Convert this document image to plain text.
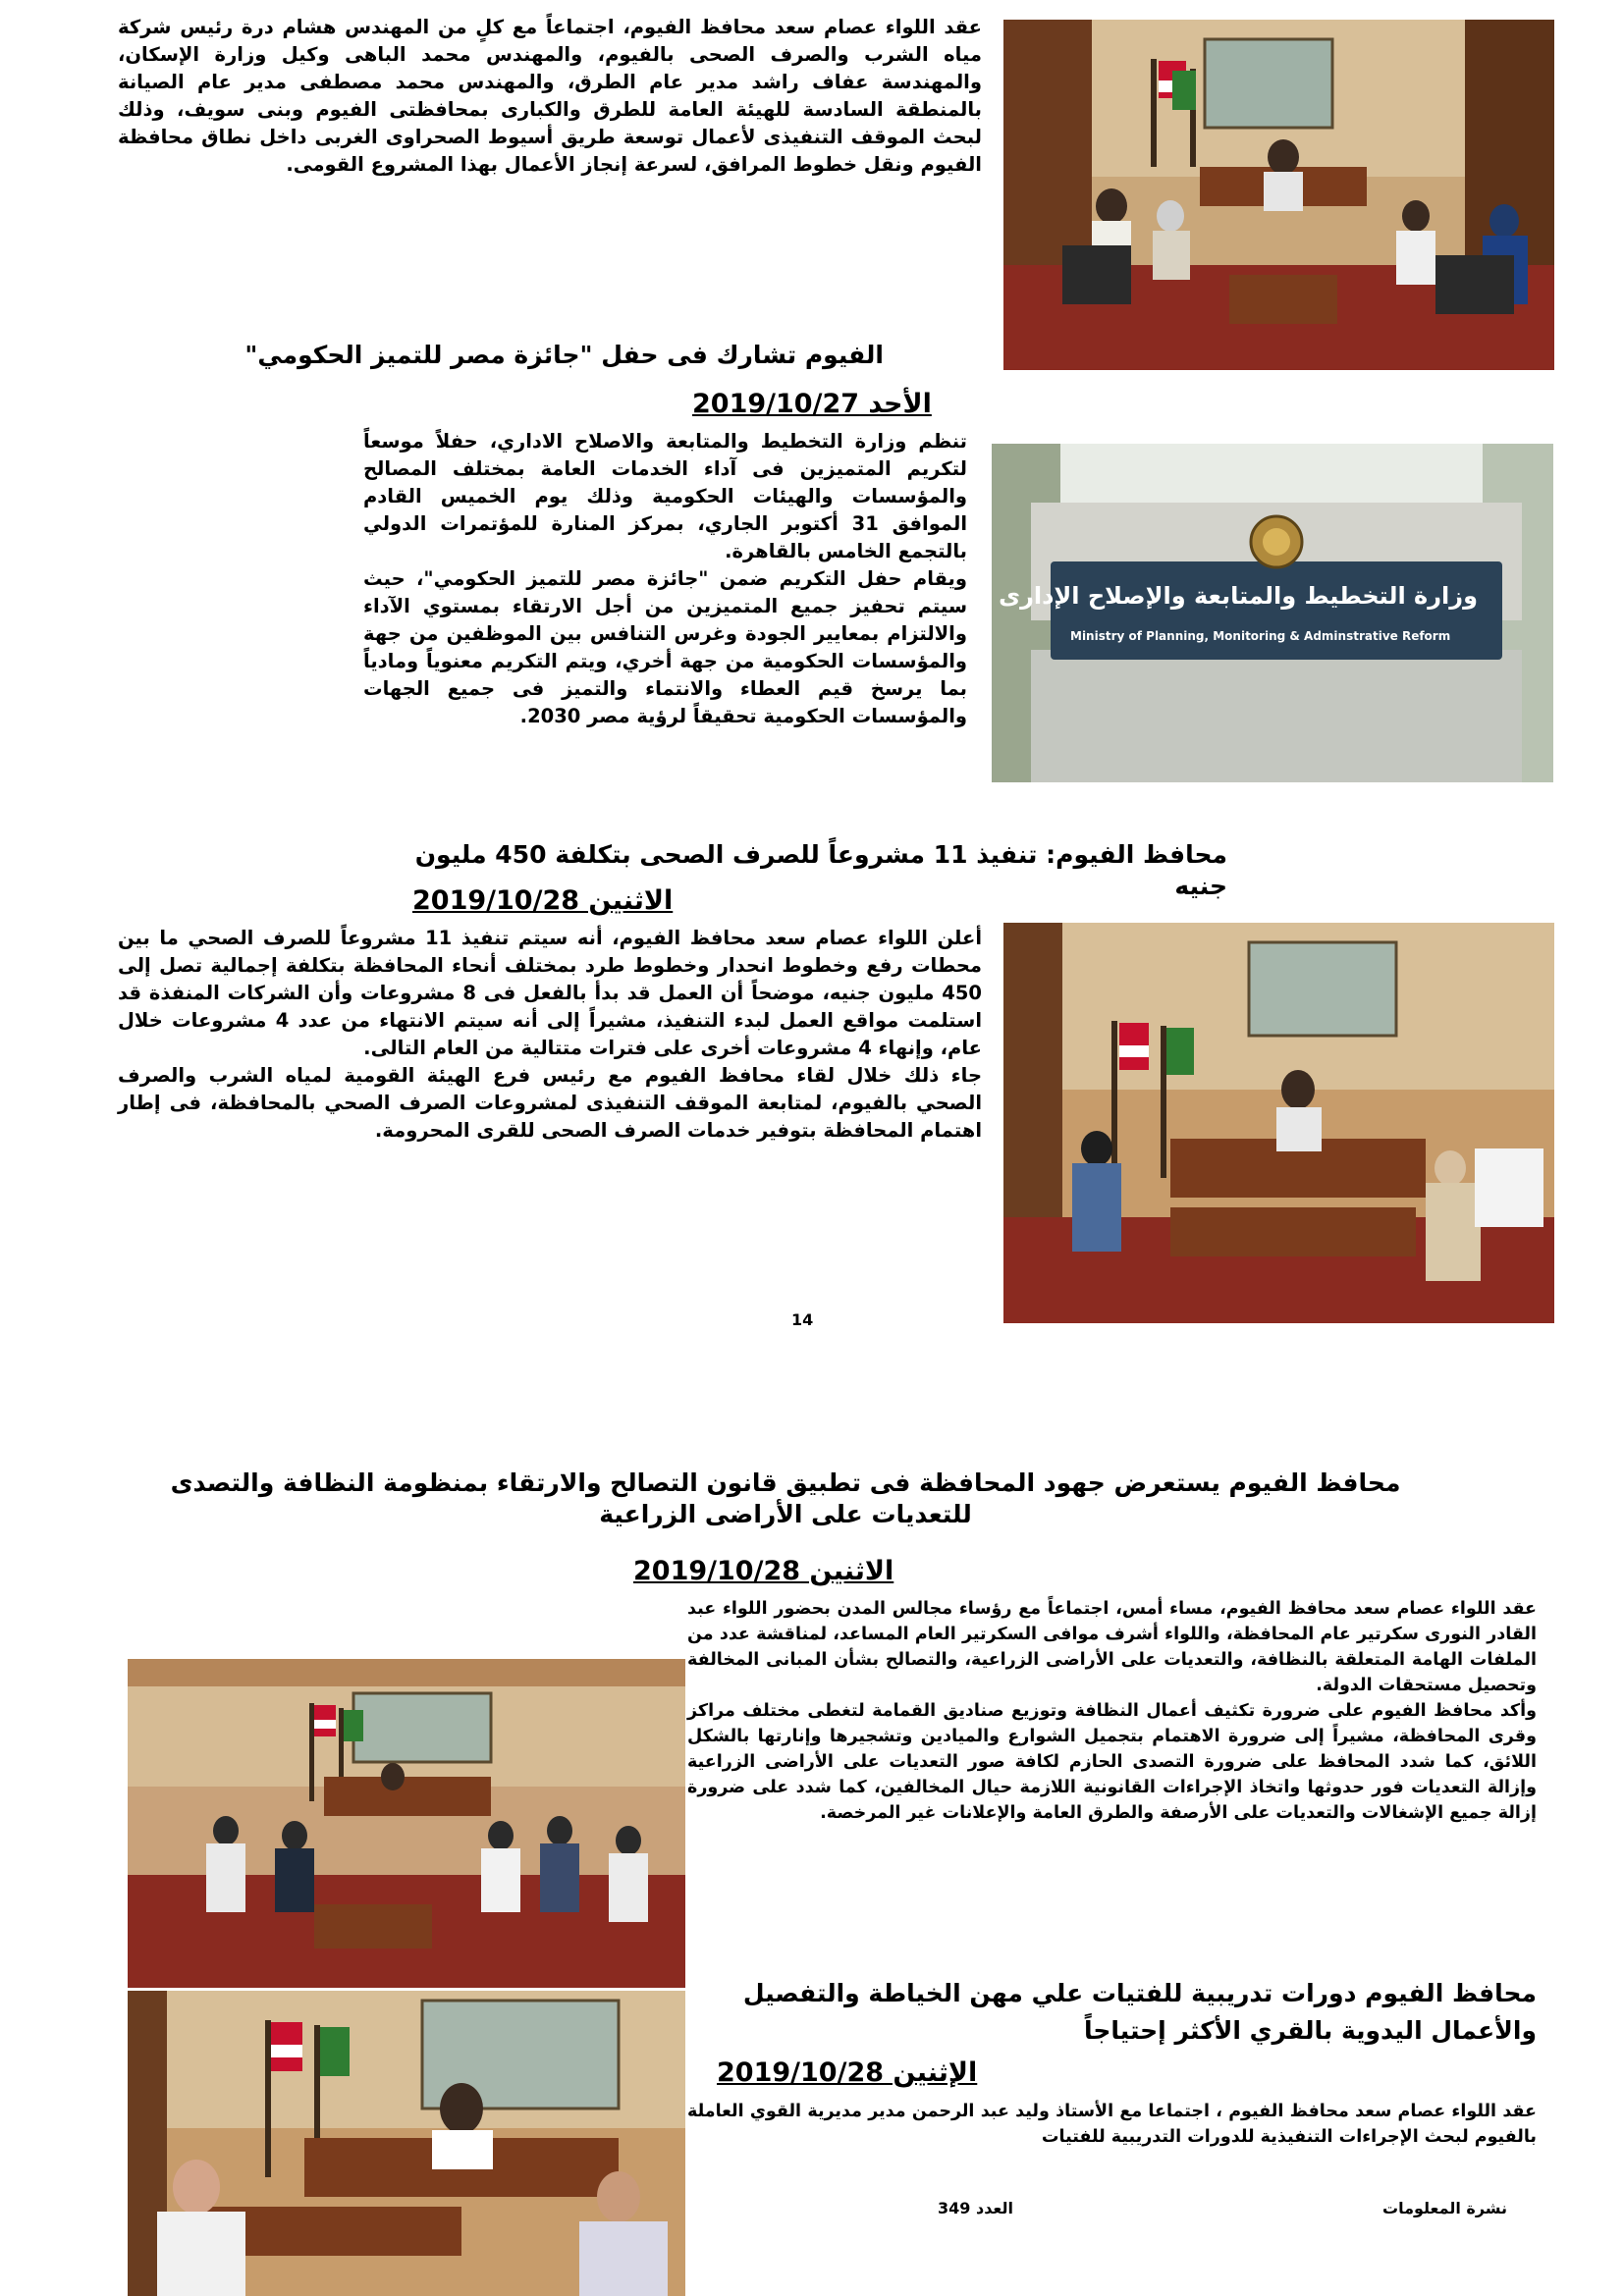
عقد اللواء عصام سعد محافظ الفيوم، اجتماعاً مع كلٍ من المهندس هشام درة رئيس شركة مياه الشرب والصرف الصحى بالفيوم، والمهندس محمد الباهى وكيل وزارة الإسكان، والمهندسة عفاف راشد مدير عام الطرق، والمهندس محمد مصطفى مدير عام الصيانة بالمنطقة السادسة للهيئة العامة للطرق والكبارى بمحافظتى الفيوم وبنى سويف، وذلك لبحث الموقف التنفيذى لأعمال توسعة طريق أسيوط الصحراوى الغربى داخل نطاق محافظة الفيوم ونقل خطوط المرافق، لسرعة إنجاز الأعمال بهذا المشروع القومى.

الفيوم تشارك فى حفل "جائزة مصر للتميز الحكومي"
الأحد 2019/10/27

تنظم وزارة التخطيط والمتابعة والاصلاح الاداري، حفلاً موسعاً لتكريم المتميزين فى آداء الخدمات العامة بمختلف المصالح والمؤسسات والهيئات الحكومية وذلك يوم الخميس القادم الموافق 31 أكتوبر الجاري، بمركز المنارة للمؤتمرات الدولي بالتجمع الخامس بالقاهرة.

ويقام حفل التكريم ضمن "جائزة مصر للتميز الحكومي"، حيث سيتم تحفيز جميع المتميزين من أجل الارتقاء بمستوي الآداء والالتزام بمعايير الجودة وغرس التنافس بين الموظفين من جهة والمؤسسات الحكومية من جهة أخري، ويتم التكريم معنوياً ومادياً بما يرسخ قيم العطاء والانتماء والتميز فى جميع الجهات والمؤسسات الحكومية تحقيقاً لرؤية مصر 2030.

وزارة التخطيط والمتابعة والإصلاح الإدارى
Ministry of Planning, Monitoring & Adminstrative Reform
محافظ الفيوم: تنفيذ 11 مشروعاً للصرف الصحى بتكلفة 450 مليون جنيه
الاثنين 2019/10/28

أعلن اللواء عصام سعد محافظ الفيوم، أنه سيتم تنفيذ 11 مشروعاً للصرف الصحي ما بين محطات رفع وخطوط انحدار وخطوط طرد بمختلف أنحاء المحافظة بتكلفة إجمالية تصل إلى 450 مليون جنيه، موضحاً أن العمل قد بدأ بالفعل فى 8 مشروعات وأن الشركات المنفذة قد استلمت مواقع العمل لبدء التنفيذ، مشيراً إلى أنه سيتم الانتهاء من عدد 4 مشروعات خلال عام، وإنهاء 4 مشروعات أخرى على فترات متتالية من العام التالى.

جاء ذلك خلال لقاء محافظ الفيوم مع رئيس فرع الهيئة القومية لمياه الشرب والصرف الصحي بالفيوم، لمتابعة الموقف التنفيذى لمشروعات الصرف الصحي بالمحافظة، فى إطار اهتمام المحافظة بتوفير خدمات الصرف الصحى للقرى المحرومة.

14
محافظ الفيوم يستعرض جهود المحافظة فى تطبيق قانون التصالح والارتقاء بمنظومة النظافة والتصدى للتعديات على الأراضى الزراعية
الاثنين 2019/10/28

عقد اللواء عصام سعد محافظ الفيوم، مساء أمس، اجتماعاً مع رؤساء مجالس المدن بحضور اللواء عبد القادر النورى سكرتير عام المحافظة، واللواء أشرف موافى السكرتير العام المساعد، لمناقشة عدد من الملفات الهامة المتعلقة بالنظافة، والتعديات على الأراضى الزراعية، والتصالح بشأن المبانى المخالفة وتحصيل مستحقات الدولة.

وأكد محافظ الفيوم على ضرورة تكثيف أعمال النظافة وتوزيع صناديق القمامة لتغطى مختلف مراكز وقرى المحافظة، مشيراً إلى ضرورة الاهتمام بتجميل الشوارع والميادين وتشجيرها وإنارتها بالشكل اللائق، كما شدد المحافظ على ضرورة التصدى الحازم لكافة صور التعديات على الأراضى الزراعية وإزالة التعديات فور حدوثها واتخاذ الإجراءات القانونية اللازمة حيال المخالفين، كما شدد على ضرورة إزالة جميع الإشغالات والتعديات على الأرصفة والطرق العامة والإعلانات غير المرخصة.

محافظ الفيوم دورات تدريبية للفتيات علي مهن الخياطة والتفصيل والأعمال اليدوية بالقري الأكثر إحتياجاً
الإثنين 2019/10/28

عقد اللواء عصام سعد محافظ الفيوم ، اجتماعا مع الأستاذ وليد عبد الرحمن مدير مديرية القوي العاملة بالفيوم لبحث الإجراءات التنفيذية للدورات التدريبية للفتيات

العدد 349	نشرة المعلومات
